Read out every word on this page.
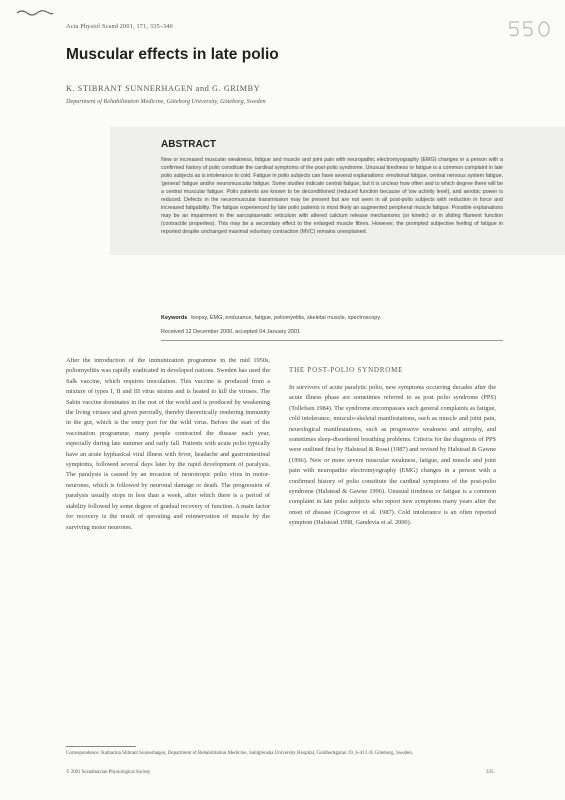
Acta Physiol Scand 2001, 171, 335–340
Muscular effects in late polio
K. STIBRANT SUNNERHAGEN and G. GRIMBY
Department of Rehabilitation Medicine, Göteborg University, Göteborg, Sweden
ABSTRACT
New or increased muscular weakness, fatigue and muscle and joint pain with neuropathic electromyography (EMG) changes in a person with a confirmed history of polio constitute the cardinal symptoms of the post-polio syndrome. Unusual tiredness or fatigue is a common complaint in late polio subjects as is intolerance to cold. Fatigue in polio subjects can have several explanations: emotional fatigue, central nervous system fatigue, 'general' fatigue and/or neuromuscular fatigue. Some studies indicate central fatigue, but it is unclear how often and to which degree there will be a central muscular fatigue. Polio patients are known to be deconditioned (reduced function because of low activity level), and aerobic power is reduced. Defects in the neuromuscular transmission may be present but are not seen in all post-polio subjects with reduction in force and increased fatigability. The fatigue experienced by late polio patients is most likely an augmented peripheral muscle fatigue. Possible explanations may be an impairment in the sarcoplasmatic reticulum with altered calcium release mechanisms (or kinetic) or in sliding filament function (contractile properties). This may be a secondary effect to the enlarged muscle fibres. However, the prompted subjective feeling of fatigue in reported despite unchanged maximal voluntary contraction (MVC) remains unexplained.
Keywords biopsy, EMG, endurance, fatigue, poliomyelitis, skeletal muscle, spectroscopy.
Received 12 December 2000, accepted 04 January 2001
After the introduction of the immunization programme in the mid 1950s, poliomyelitis was rapidly eradicated in developed nations. Sweden has used the Salk vaccine, which requires inoculation. This vaccine is produced from a mixture of types I, II and III virus strains and is heated to kill the viruses. The Sabin vaccine dominates in the rest of the world and is produced by weakening the living viruses and given perorally, thereby theoretically rendering immunity in the gut, which is the entry port for the wild virus. Before the start of the vaccination programme, many people contracted the disease each year, especially during late summer and early fall. Patients with acute polio typically have an acute hyphasical viral illness with fever, headache and gastrointestinal symptoms, followed several days later by the rapid development of paralysis. The paralysis is caused by an invasion of neurotropic polio virus in motor-neurones, which is followed by neuronal damage or death. The progression of paralysis usually stops in less than a week, after which there is a period of stability followed by some degree of gradual recovery of function. A main factor for recovery is the result of sprouting and reinnervation of muscle by the surviving motor neurones.
THE POST-POLIO SYNDROME
In survivors of acute paralytic polio, new symptoms occurring decades after the acute illness phase are sometimes referred to as post polio syndrome (PPS) (Tollefsen 1984). The syndrome encompasses such general complaints as fatigue, cold intolerance, musculo-skeletal manifestations, such as muscle and joint pain, neurological manifestations, such as progressive weakness and atrophy, and sometimes sleep-disordered breathing problems. Criteria for the diagnosis of PPS were outlined first by Halstead & Rossi (1987) and revised by Halstead & Gawne (1996). New or more severe muscular weakness, fatigue, and muscle and joint pain with neuropathic electromyography (EMG) changes in a person with a confirmed history of polio constitute the cardinal symptoms of the post-polio syndrome (Halstead & Gawne 1996). Unusual tiredness or fatigue is a common complaint in late polio subjects who report new symptoms many years after the onset of disease (Cosgrove et al. 1987). Cold intolerance is an often reported symptom (Halstead 1998, Gandevia et al. 2000).
Correspondence: Katharina Stibrant Sunnerhagen, Department of Rehabilitation Medicine, Sahlgrenska University Hospital, Guldhedsgatan 19, S-413 45 Göteborg, Sweden.
© 2001 Scandinavian Physiological Society	335
